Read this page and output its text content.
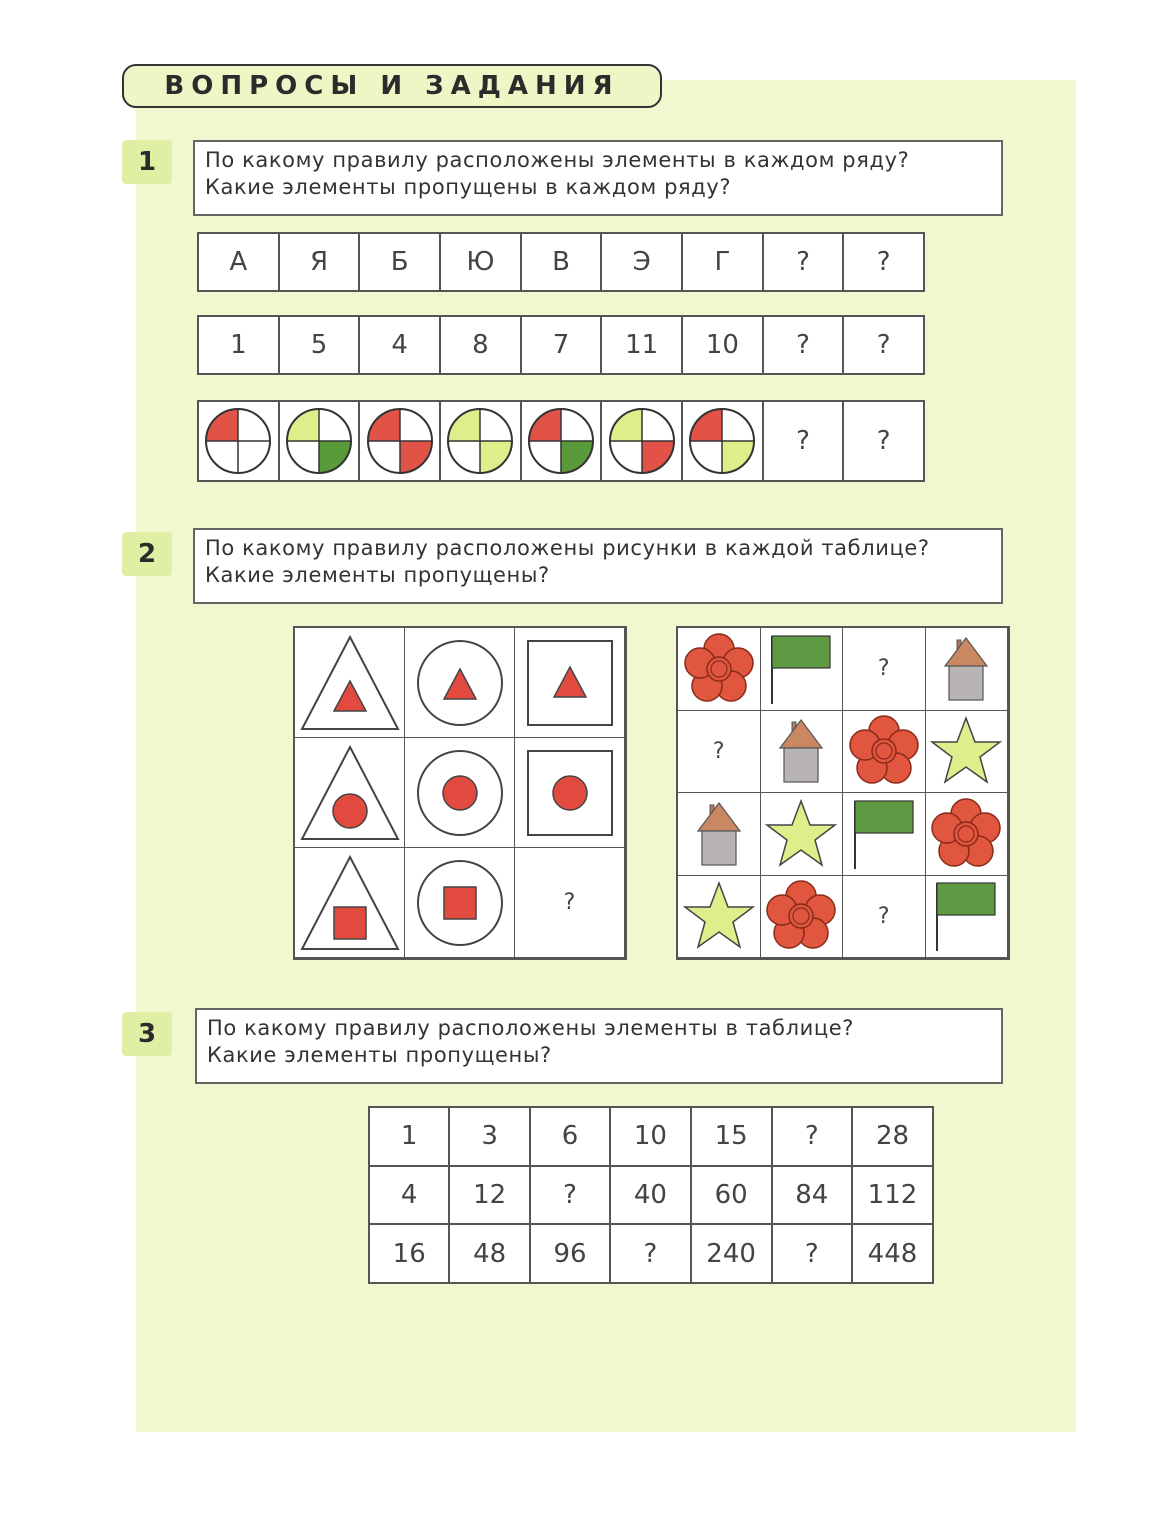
ВОПРОСЫ И ЗАДАНИЯ
1	По какому правилу расположены элементы в каждом ряду?
Какие элементы пропущены в каждом ряду?
А	Я	Б	Ю	В	Э	Г	?	?
1	5	4	8	7	11	10	?	?
?	?
2	По какому правилу расположены рисунки в каждой таблице?
Какие элементы пропущены?
?
?
?
?
3	По какому правилу расположены элементы в таблице?
Какие элементы пропущены?
1	3	6	10	15	?	28
4	12	?	40	60	84	112
16	48	96	?	240	?	448
